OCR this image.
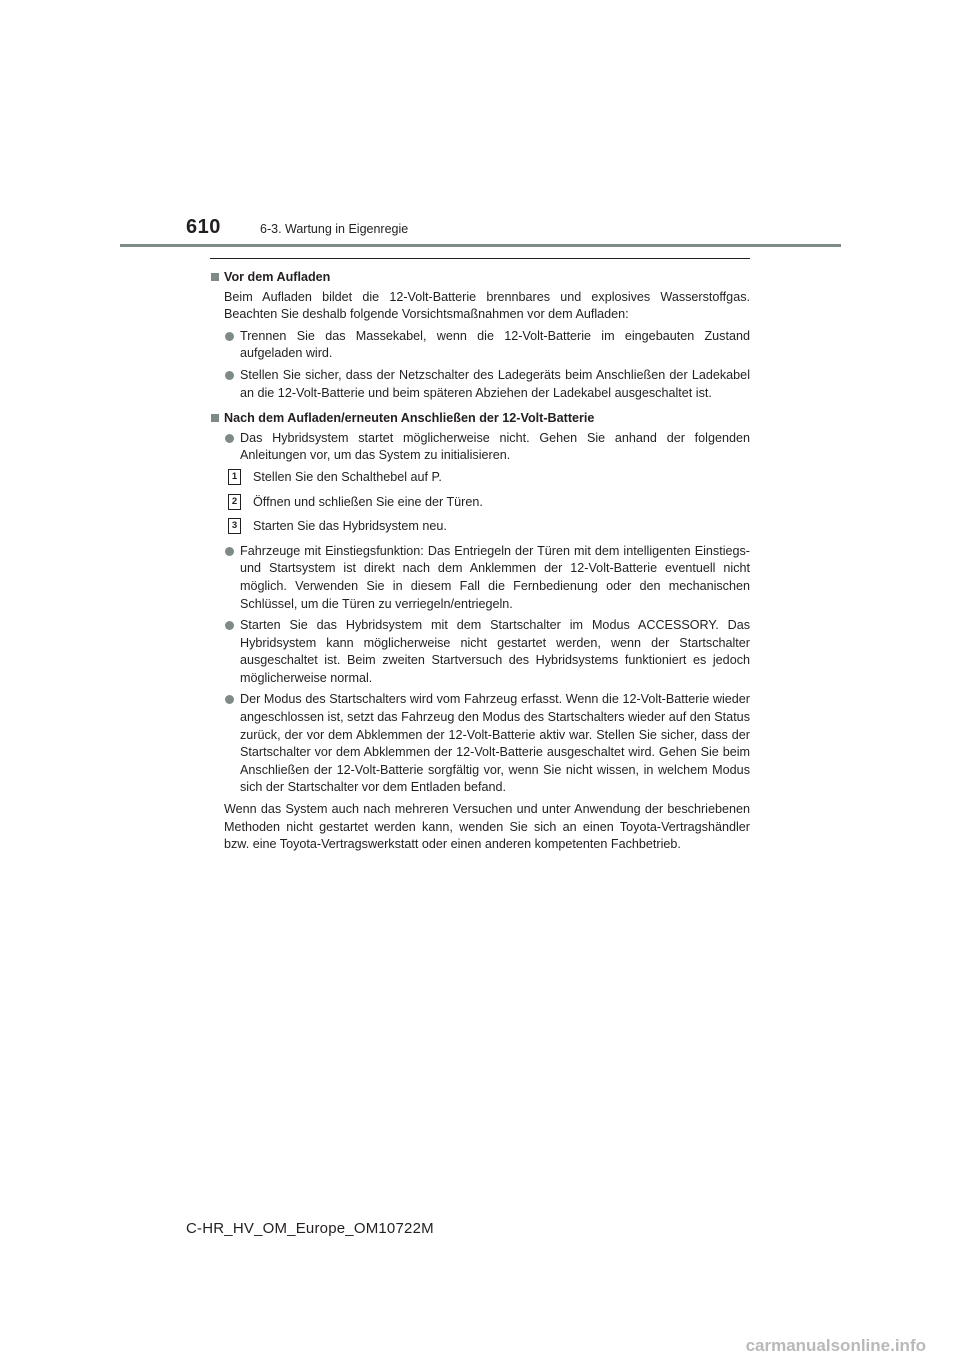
610	6-3. Wartung in Eigenregie
Vor dem Aufladen
Beim Aufladen bildet die 12-Volt-Batterie brennbares und explosives Wasserstoffgas. Beachten Sie deshalb folgende Vorsichtsmaßnahmen vor dem Aufladen:
Trennen Sie das Massekabel, wenn die 12-Volt-Batterie im eingebauten Zustand aufgeladen wird.
Stellen Sie sicher, dass der Netzschalter des Ladegeräts beim Anschließen der Ladekabel an die 12-Volt-Batterie und beim späteren Abziehen der Ladekabel ausgeschaltet ist.
Nach dem Aufladen/erneuten Anschließen der 12-Volt-Batterie
Das Hybridsystem startet möglicherweise nicht. Gehen Sie anhand der folgenden Anleitungen vor, um das System zu initialisieren.
1	Stellen Sie den Schalthebel auf P.
2	Öffnen und schließen Sie eine der Türen.
3	Starten Sie das Hybridsystem neu.
Fahrzeuge mit Einstiegsfunktion: Das Entriegeln der Türen mit dem intelligenten Einstiegs- und Startsystem ist direkt nach dem Anklemmen der 12-Volt-Batterie eventuell nicht möglich. Verwenden Sie in diesem Fall die Fernbedienung oder den mechanischen Schlüssel, um die Türen zu verriegeln/entriegeln.
Starten Sie das Hybridsystem mit dem Startschalter im Modus ACCESSORY. Das Hybridsystem kann möglicherweise nicht gestartet werden, wenn der Startschalter ausgeschaltet ist. Beim zweiten Startversuch des Hybridsystems funktioniert es jedoch möglicherweise normal.
Der Modus des Startschalters wird vom Fahrzeug erfasst. Wenn die 12-Volt-Batterie wieder angeschlossen ist, setzt das Fahrzeug den Modus des Startschalters wieder auf den Status zurück, der vor dem Abklemmen der 12-Volt-Batterie aktiv war. Stellen Sie sicher, dass der Startschalter vor dem Abklemmen der 12-Volt-Batterie ausgeschaltet wird. Gehen Sie beim Anschließen der 12-Volt-Batterie sorgfältig vor, wenn Sie nicht wissen, in welchem Modus sich der Startschalter vor dem Entladen befand.
Wenn das System auch nach mehreren Versuchen und unter Anwendung der beschriebenen Methoden nicht gestartet werden kann, wenden Sie sich an einen Toyota-Vertragshändler bzw. eine Toyota-Vertragswerkstatt oder einen anderen kompetenten Fachbetrieb.
C-HR_HV_OM_Europe_OM10722M
carmanualsonline.info
